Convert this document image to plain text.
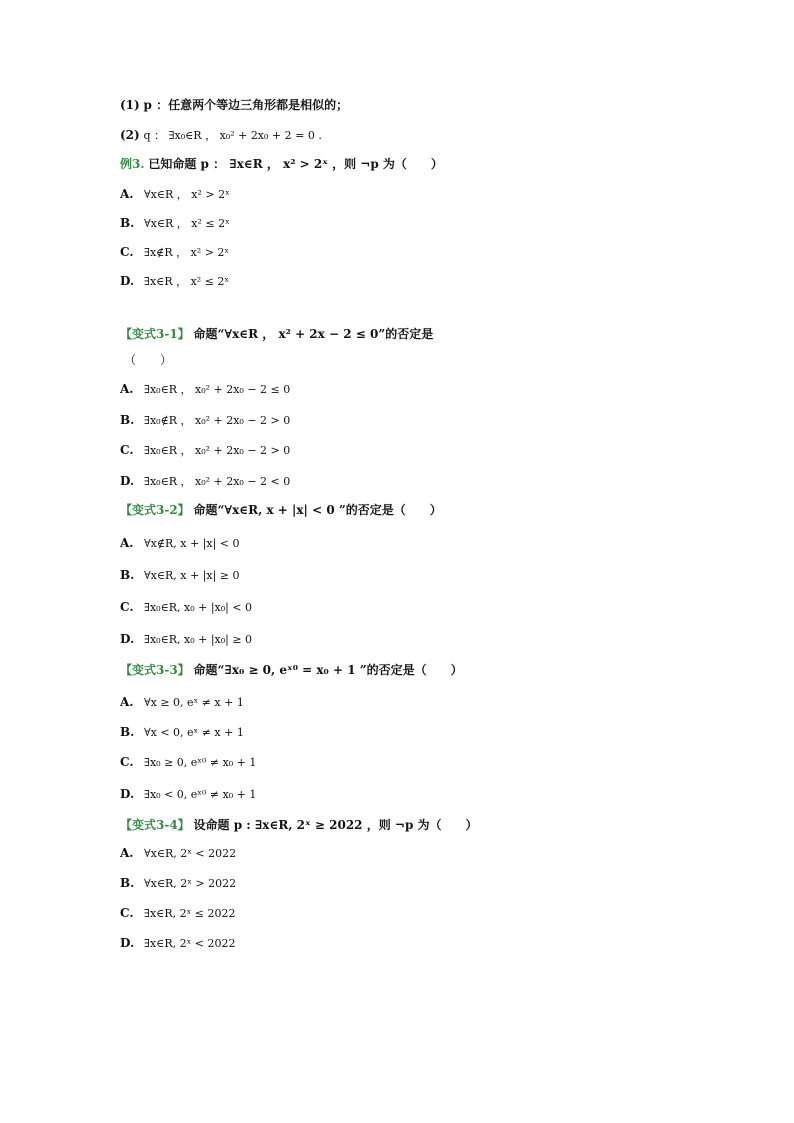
(1) p ：任意两个等边三角形都是相似的；
(2) q ： ∃x₀∈R ， x₀² + 2x₀ + 2 = 0 .
例3. 已知命题 p ： ∃x∈R ， x² > 2ˣ ，则 ¬p 为（　　）
A. ∀x∈R ， x² > 2ˣ
B. ∀x∈R ， x² ≤ 2ˣ
C. ∃x∉R ， x² > 2ˣ
D. ∃x∈R ， x² ≤ 2ˣ
【变式3-1】 命题“∀x∈R ， x² + 2x − 2 ≤ 0”的否定是
（　　）
A. ∃x₀∈R ， x₀² + 2x₀ − 2 ≤ 0
B. ∃x₀∉R ， x₀² + 2x₀ − 2 > 0
C. ∃x₀∈R ， x₀² + 2x₀ − 2 > 0
D. ∃x₀∈R ， x₀² + 2x₀ − 2 < 0
【变式3-2】 命题“∀x∈R, x + |x| < 0 ”的否定是（　　）
A. ∀x∉R, x + |x| < 0
B. ∀x∈R, x + |x| ≥ 0
C. ∃x₀∈R, x₀ + |x₀| < 0
D. ∃x₀∈R, x₀ + |x₀| ≥ 0
【变式3-3】 命题“∃x₀ ≥ 0, eˣ⁰ = x₀ + 1 ”的否定是（　　）
A. ∀x ≥ 0, eˣ ≠ x + 1
B. ∀x < 0, eˣ ≠ x + 1
C. ∃x₀ ≥ 0, eˣ⁰ ≠ x₀ + 1
D. ∃x₀ < 0, eˣ⁰ ≠ x₀ + 1
【变式3-4】 设命题 p : ∃x∈R, 2ˣ ≥ 2022 ，则 ¬p 为（　　）
A. ∀x∈R, 2ˣ < 2022
B. ∀x∈R, 2ˣ > 2022
C. ∃x∈R, 2ˣ ≤ 2022
D. ∃x∈R, 2ˣ < 2022
